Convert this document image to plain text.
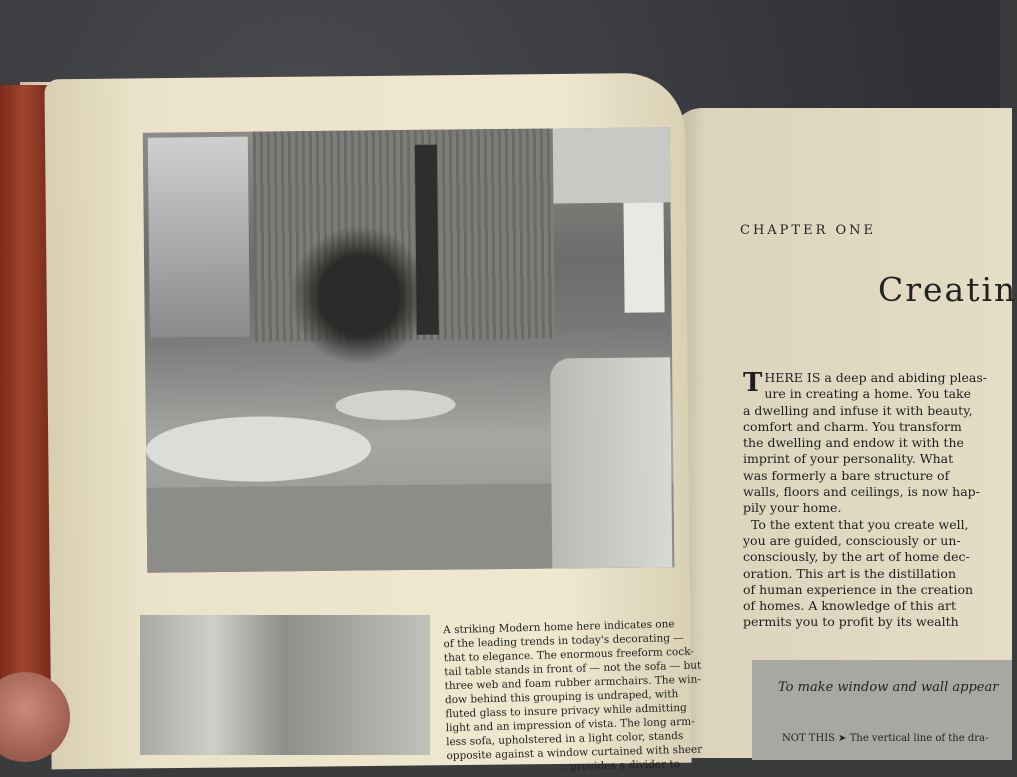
A striking Modern home here indicates one
of the leading trends in today's decorating —
that to elegance. The enormous freeform cock-
tail table stands in front of — not the sofa — but
three web and foam rubber armchairs. The win-
dow behind this grouping is undraped, with
fluted glass to insure privacy while admitting
light and an impression of vista. The long arm-
less sofa, upholstered in a light color, stands
opposite against a window curtained with sheer
... provides a divider to
CHAPTER ONE
Creatin
T HERE IS a deep and abiding pleas-
ure in creating a home. You take
a dwelling and infuse it with beauty,
comfort and charm. You transform
the dwelling and endow it with the
imprint of your personality. What
was formerly a bare structure of
walls, floors and ceilings, is now hap-
pily your home.
To the extent that you create well,
you are guided, consciously or un-
consciously, by the art of home dec-
oration. This art is the distillation
of human experience in the creation
of homes. A knowledge of this art
permits you to profit by its wealth
To make window and wall appear
NOT THIS ➤ The vertical line of the dra-
